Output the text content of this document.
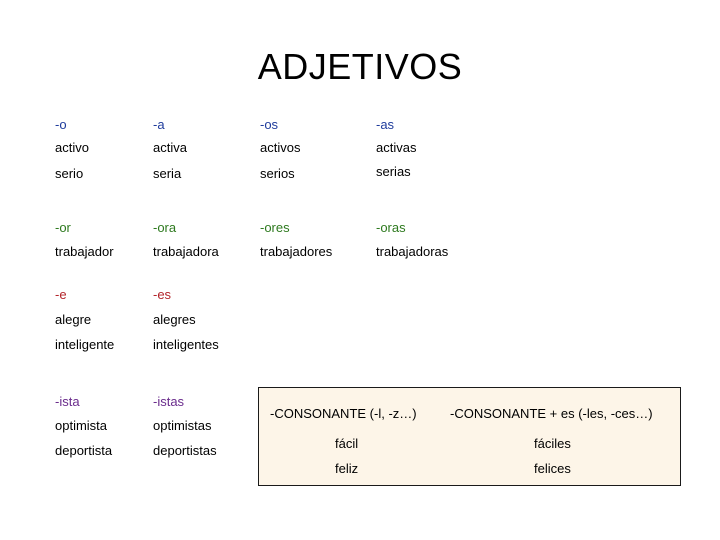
ADJETIVOS
-o	-a	-os	-as
activo	activa	activos	activas
serio	seria	serios	serias
-or	-ora	-ores	-oras
trabajador	trabajadora	trabajadores	trabajadoras
-e	-es
alegre	alegres
inteligente	inteligentes
-ista	-istas
optimista	optimistas
deportista	deportistas
-CONSONANTE (-l, -z…)	-CONSONANTE + es (-les, -ces…)
fácil	fáciles
feliz	felices
